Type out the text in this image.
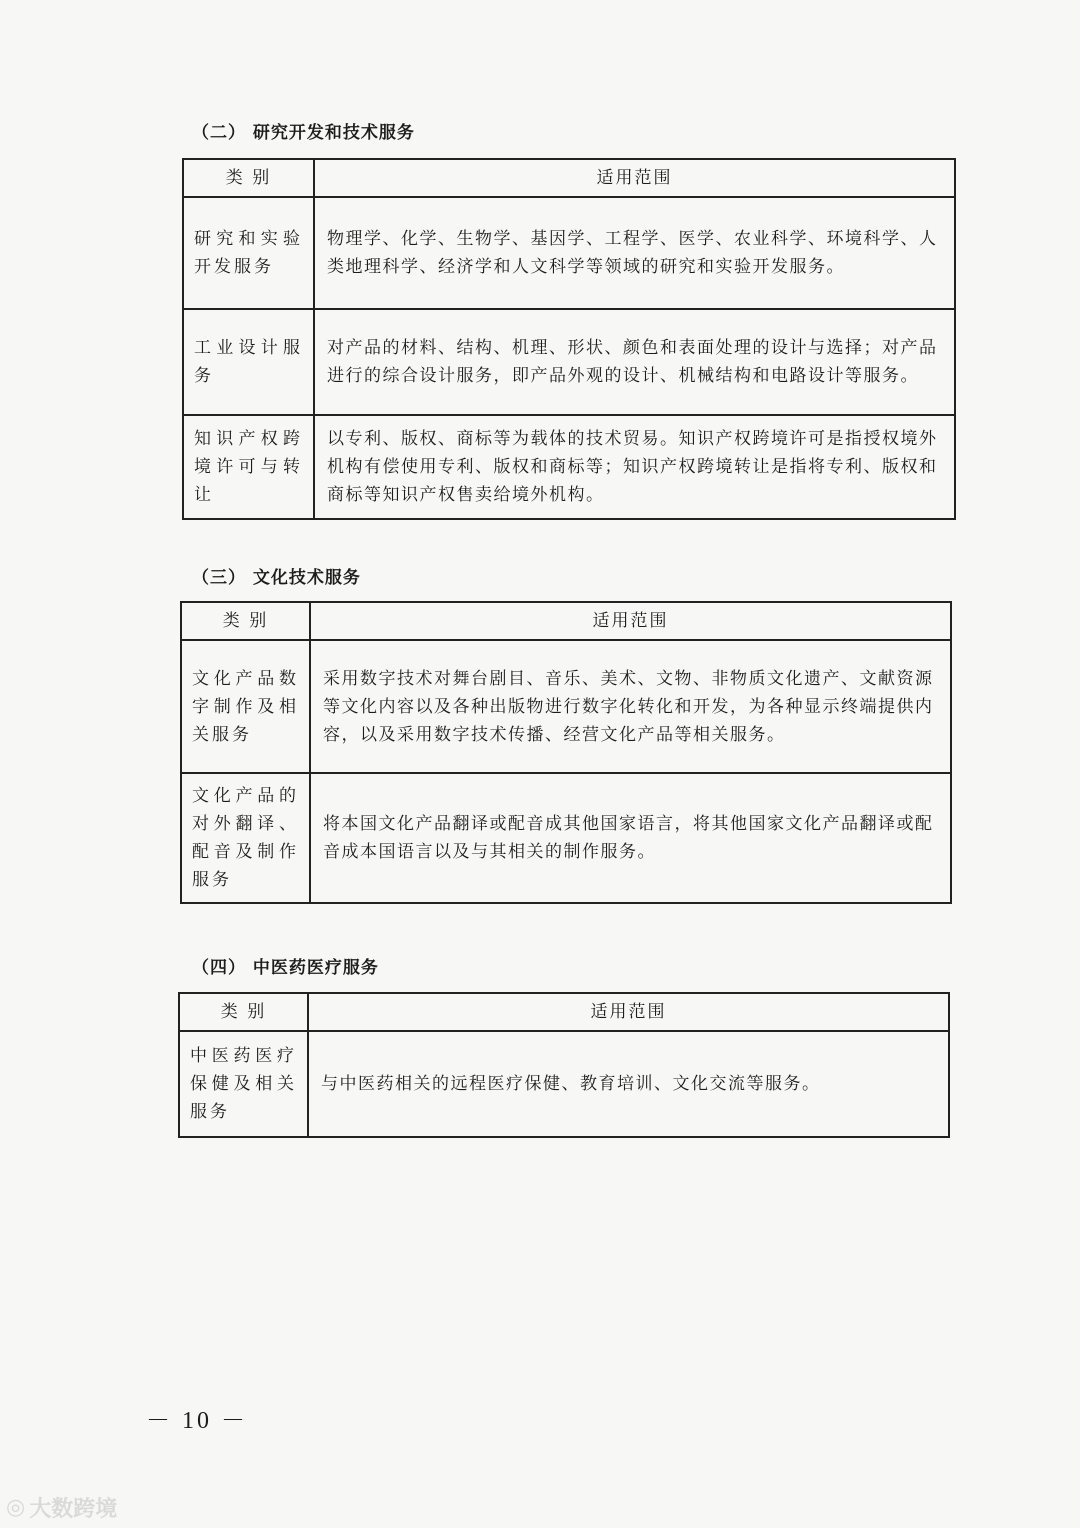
（二） 研究开发和技术服务
类 别	适用范围
研究和实验开发服务	物理学、化学、生物学、基因学、工程学、医学、农业科学、环境科学、人类地理科学、经济学和人文科学等领域的研究和实验开发服务。
工业设计服务	对产品的材料、结构、机理、形状、颜色和表面处理的设计与选择；对产品进行的综合设计服务，即产品外观的设计、机械结构和电路设计等服务。
知识产权跨境许可与转让	以专利、版权、商标等为载体的技术贸易。知识产权跨境许可是指授权境外机构有偿使用专利、版权和商标等；知识产权跨境转让是指将专利、版权和商标等知识产权售卖给境外机构。
（三） 文化技术服务
类 别	适用范围
文化产品数字制作及相关服务	采用数字技术对舞台剧目、音乐、美术、文物、非物质文化遗产、文献资源等文化内容以及各种出版物进行数字化转化和开发，为各种显示终端提供内容，以及采用数字技术传播、经营文化产品等相关服务。
文化产品的对外翻译、配音及制作服务	将本国文化产品翻译或配音成其他国家语言，将其他国家文化产品翻译或配音成本国语言以及与其相关的制作服务。
（四） 中医药医疗服务
类 别	适用范围
中医药医疗保健及相关服务	与中医药相关的远程医疗保健、教育培训、文化交流等服务。
－ 10 －
◎ 大数跨境
